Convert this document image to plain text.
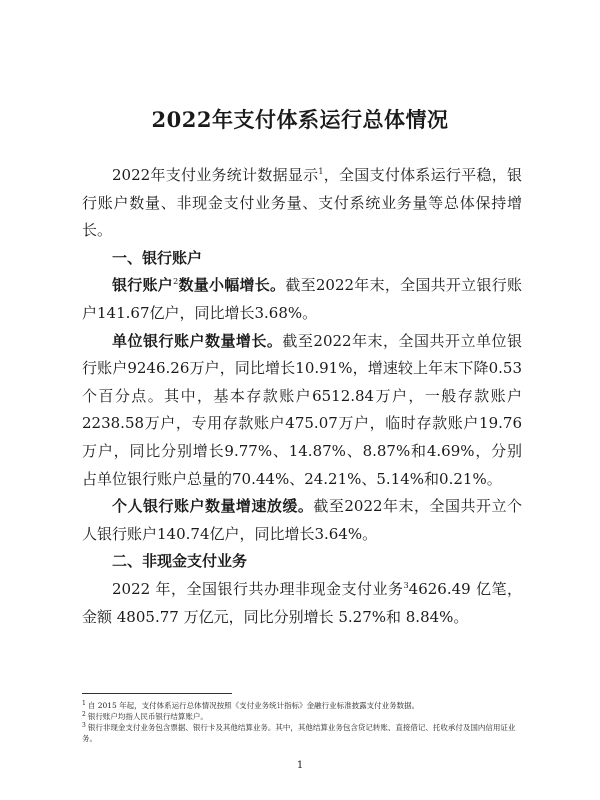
2022年支付体系运行总体情况

2022年支付业务统计数据显示$^1$，全国支付体系运行平稳，银行账户数量、非现金支付业务量、支付系统业务量等总体保持增长。

一、银行账户

银行账户$^2$数量小幅增长。截至2022年末，全国共开立银行账户141.67亿户，同比增长3.68%。

单位银行账户数量增长。截至2022年末，全国共开立单位银行账户9246.26万户，同比增长10.91%，增速较上年末下降0.53个百分点。其中，基本存款账户6512.84万户，一般存款账户2238.58万户，专用存款账户475.07万户，临时存款账户19.76万户，同比分别增长9.77%、14.87%、8.87%和4.69%，分别占单位银行账户总量的70.44%、24.21%、5.14%和0.21%。

个人银行账户数量增速放缓。截至2022年末，全国共开立个人银行账户140.74亿户，同比增长3.64%。

二、非现金支付业务

2022 年，全国银行共办理非现金支付业务$^3$4626.49 亿笔，金额 4805.77 万亿元，同比分别增长 5.27%和 8.84%。

$^1$ 自 2015 年起，支付体系运行总体情况按照《支付业务统计指标》金融行业标准披露支付业务数据。

$^2$ 银行账户均指人民币银行结算账户。

$^3$ 银行非现金支付业务包含票据、银行卡及其他结算业务。其中，其他结算业务包含贷记转账、直接借记、托收承付及国内信用证业务。

1
